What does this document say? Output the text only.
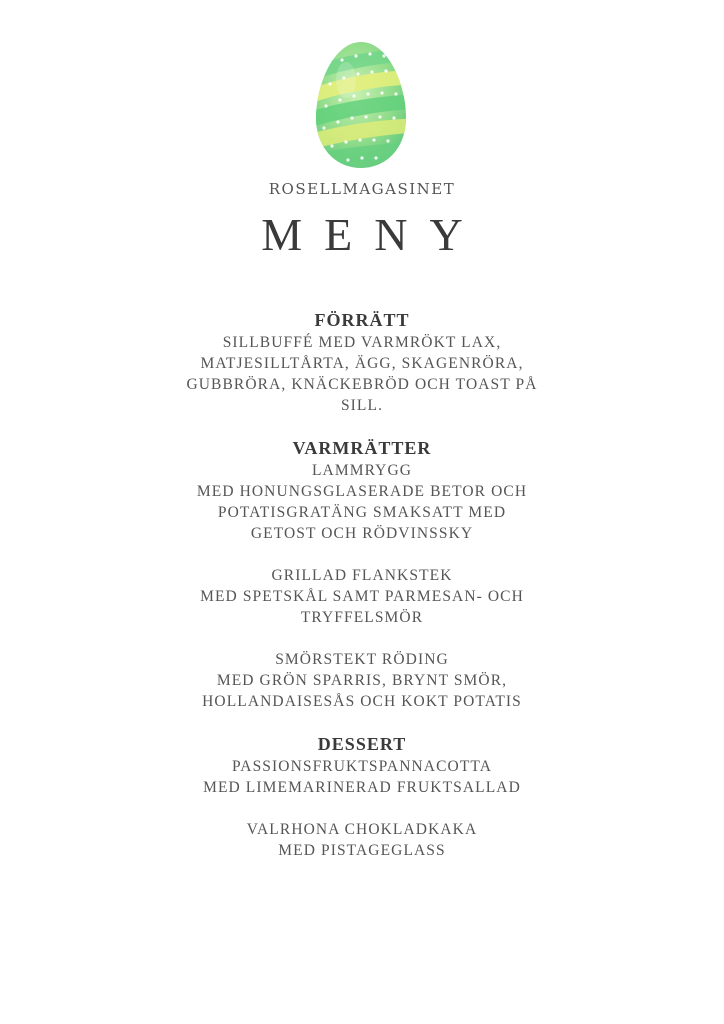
ROSELLMAGASINET
MENY

FÖRRÄTT

SILLBUFFÉ MED VARMRÖKT LAX,

MATJESILLTÅRTA, ÄGG, SKAGENRÖRA,

GUBBRÖRA, KNÄCKEBRÖD OCH TOAST PÅ

SILL.

VARMRÄTTER

LAMMRYGG

MED HONUNGSGLASERADE BETOR OCH

POTATISGRATÄNG SMAKSATT MED

GETOST OCH RÖDVINSSKY

GRILLAD FLANKSTEK

MED SPETSKÅL SAMT PARMESAN- OCH

TRYFFELSMÖR

SMÖRSTEKT RÖDING

MED GRÖN SPARRIS, BRYNT SMÖR,

HOLLANDAISESÅS OCH KOKT POTATIS

DESSERT

PASSIONSFRUKTSPANNACOTTA

MED LIMEMARINERAD FRUKTSALLAD

VALRHONA CHOKLADKAKA

MED PISTAGEGLASS
